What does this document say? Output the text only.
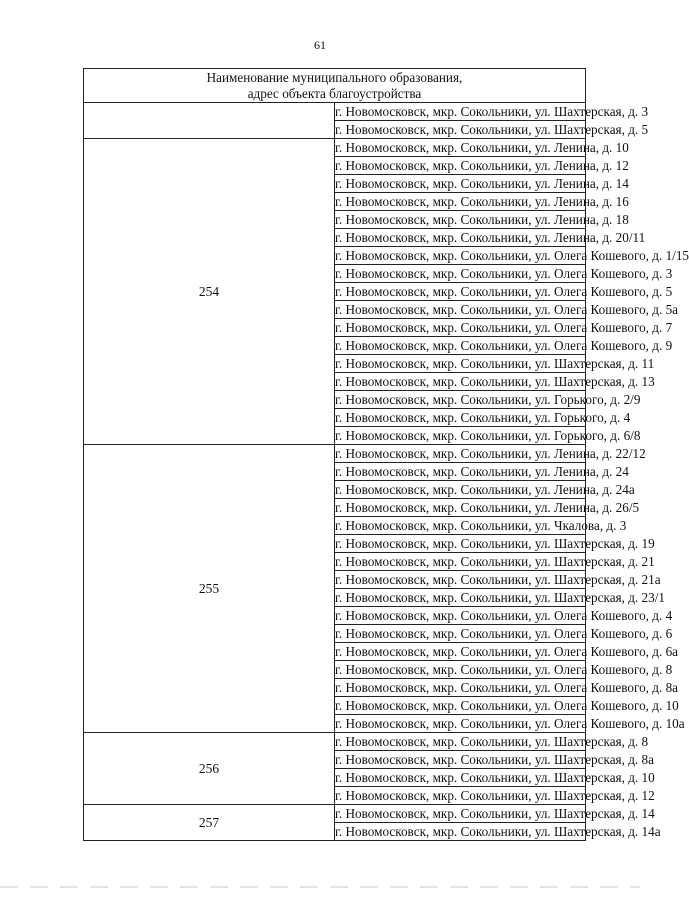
61
Наименование муниципального образования,
адрес объекта благоустройства	

	г. Новомосковск, мкр. Сокольники, ул. Шахтерская, д. 3
	г. Новомосковск, мкр. Сокольники, ул. Шахтерская, д. 5
254	г. Новомосковск, мкр. Сокольники, ул. Ленина, д. 10
	г. Новомосковск, мкр. Сокольники, ул. Ленина, д. 12
	г. Новомосковск, мкр. Сокольники, ул. Ленина, д. 14
	г. Новомосковск, мкр. Сокольники, ул. Ленина, д. 16
	г. Новомосковск, мкр. Сокольники, ул. Ленина, д. 18
	г. Новомосковск, мкр. Сокольники, ул. Ленина, д. 20/11
	г. Новомосковск, мкр. Сокольники, ул. Олега Кошевого, д. 1/15
	г. Новомосковск, мкр. Сокольники, ул. Олега Кошевого, д. 3
	г. Новомосковск, мкр. Сокольники, ул. Олега Кошевого, д. 5
	г. Новомосковск, мкр. Сокольники, ул. Олега Кошевого, д. 5а
	г. Новомосковск, мкр. Сокольники, ул. Олега Кошевого, д. 7
	г. Новомосковск, мкр. Сокольники, ул. Олега Кошевого, д. 9
	г. Новомосковск, мкр. Сокольники, ул. Шахтерская, д. 11
	г. Новомосковск, мкр. Сокольники, ул. Шахтерская, д. 13
	г. Новомосковск, мкр. Сокольники, ул. Горького, д. 2/9
	г. Новомосковск, мкр. Сокольники, ул. Горького, д. 4
	г. Новомосковск, мкр. Сокольники, ул. Горького, д. 6/8
255	г. Новомосковск, мкр. Сокольники, ул. Ленина, д. 22/12
	г. Новомосковск, мкр. Сокольники, ул. Ленина, д. 24
	г. Новомосковск, мкр. Сокольники, ул. Ленина, д. 24а
	г. Новомосковск, мкр. Сокольники, ул. Ленина, д. 26/5
	г. Новомосковск, мкр. Сокольники, ул. Чкалова, д. 3
	г. Новомосковск, мкр. Сокольники, ул. Шахтерская, д. 19
	г. Новомосковск, мкр. Сокольники, ул. Шахтерская, д. 21
	г. Новомосковск, мкр. Сокольники, ул. Шахтерская, д. 21а
	г. Новомосковск, мкр. Сокольники, ул. Шахтерская, д. 23/1
	г. Новомосковск, мкр. Сокольники, ул. Олега Кошевого, д. 4
	г. Новомосковск, мкр. Сокольники, ул. Олега Кошевого, д. 6
	г. Новомосковск, мкр. Сокольники, ул. Олега Кошевого, д. 6а
	г. Новомосковск, мкр. Сокольники, ул. Олега Кошевого, д. 8
	г. Новомосковск, мкр. Сокольники, ул. Олега Кошевого, д. 8а
	г. Новомосковск, мкр. Сокольники, ул. Олега Кошевого, д. 10
	г. Новомосковск, мкр. Сокольники, ул. Олега Кошевого, д. 10а
256	г. Новомосковск, мкр. Сокольники, ул. Шахтерская, д. 8
	г. Новомосковск, мкр. Сокольники, ул. Шахтерская, д. 8а
	г. Новомосковск, мкр. Сокольники, ул. Шахтерская, д. 10
	г. Новомосковск, мкр. Сокольники, ул. Шахтерская, д. 12
257	г. Новомосковск, мкр. Сокольники, ул. Шахтерская, д. 14
	г. Новомосковск, мкр. Сокольники, ул. Шахтерская, д. 14а
